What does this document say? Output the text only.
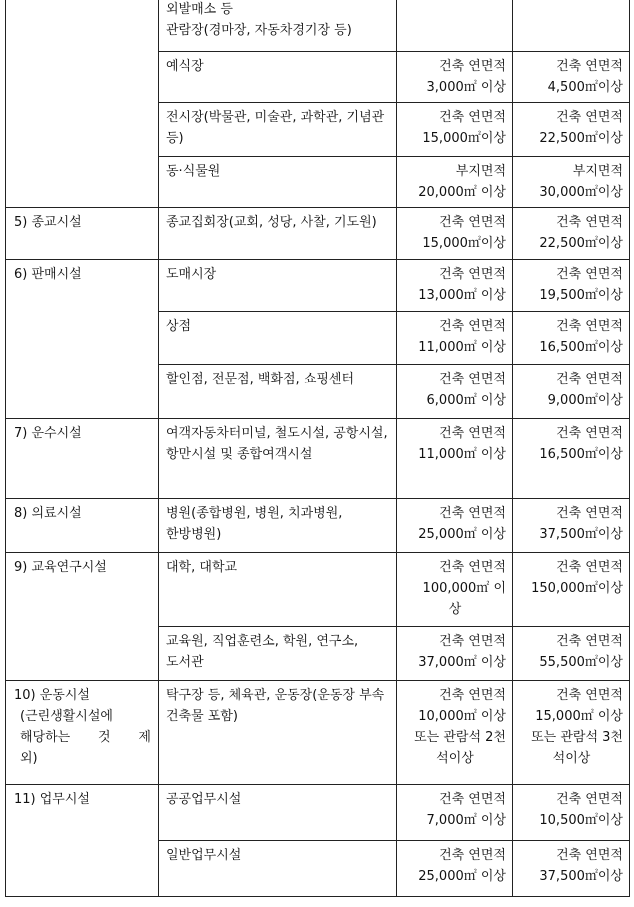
	외발매소 등
관람장(경마장, 자동차경기장 등)		

	예식장	건축 연면적
3,000㎡ 이상	건축 연면적
4,500㎡이상

	전시장(박물관, 미술관, 과학관, 기념관 등)	건축 연면적
15,000㎡이상	건축 연면적
22,500㎡이상

	동·식물원	부지면적
20,000㎡ 이상	부지면적
30,000㎡이상

5) 종교시설	종교집회장(교회, 성당, 사찰, 기도원)	건축 연면적
15,000㎡이상	건축 연면적
22,500㎡이상

6) 판매시설	도매시장	건축 연면적
13,000㎡ 이상	건축 연면적
19,500㎡이상

	상점	건축 연면적
11,000㎡ 이상	건축 연면적
16,500㎡이상

	할인점, 전문점, 백화점, 쇼핑센터	건축 연면적
6,000㎡ 이상	건축 연면적
9,000㎡이상

7) 운수시설	여객자동차터미널, 철도시설, 공항시설, 항만시설 및 종합여객시설	건축 연면적
11,000㎡ 이상	건축 연면적
16,500㎡이상

8) 의료시설	병원(종합병원, 병원, 치과병원, 한방병원)	건축 연면적
25,000㎡ 이상	건축 연면적
37,500㎡이상

9) 교육연구시설	대학, 대학교	건축 연면적
100,000㎡ 이
상	건축 연면적
150,000㎡이상

	교육원, 직업훈련소, 학원, 연구소, 도서관	건축 연면적
37,000㎡ 이상	건축 연면적
55,500㎡이상

10) 운동시설
(근린생활시설에
해당하는 것 제
외)	탁구장 등, 체육관, 운동장(운동장 부속 건축물 포함)	건축 연면적
10,000㎡ 이상
또는 관람석 2천
석이상	건축 연면적
15,000㎡ 이상
또는 관람석 3천
석이상

11) 업무시설	공공업무시설	건축 연면적
7,000㎡ 이상	건축 연면적
10,500㎡이상

	일반업무시설	건축 연면적
25,000㎡ 이상	건축 연면적
37,500㎡이상
